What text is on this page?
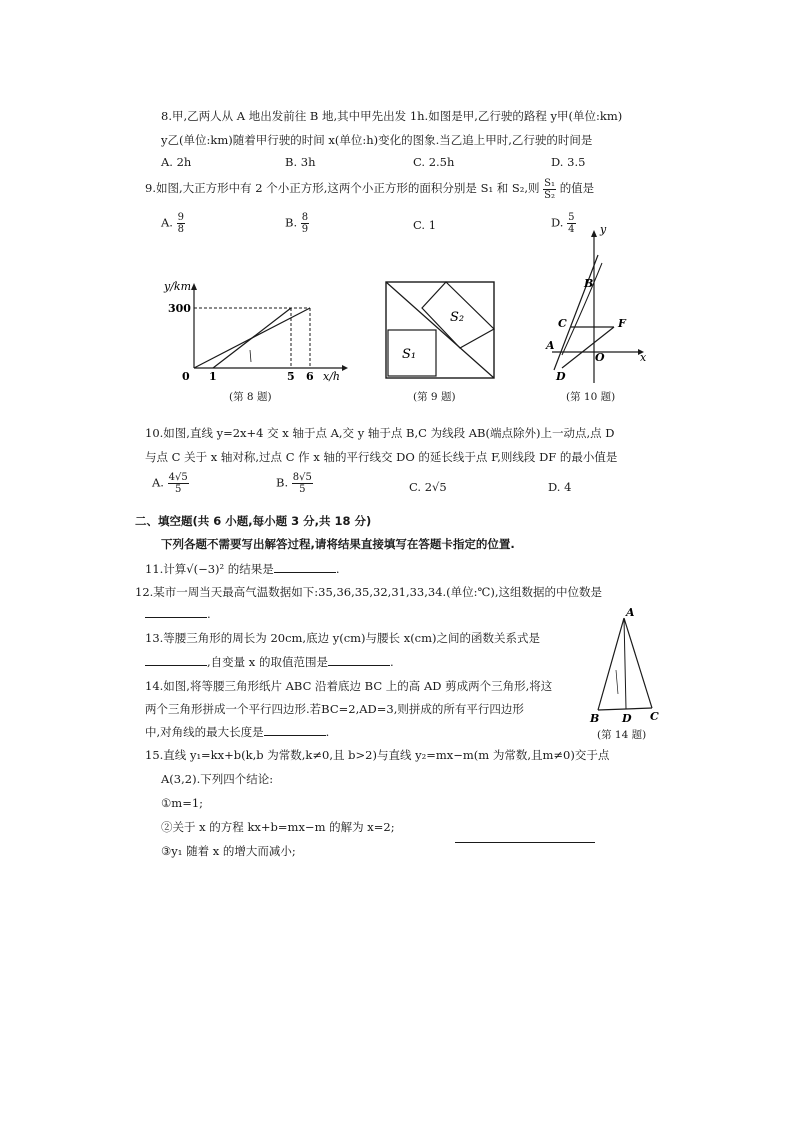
8.甲,乙两人从 A 地出发前往 B 地,其中甲先出发 1h.如图是甲,乙行驶的路程 y甲(单位:km)
y乙(单位:km)随着甲行驶的时间 x(单位:h)变化的图象.当乙追上甲时,乙行驶的时间是
A. 2h	B. 3h	C. 2.5h	D. 3.5
9.如图,大正方形中有 2 个小正方形,这两个小正方形的面积分别是 S₁ 和 S₂,则 $\frac{\text{S₁}}{\text{S₂}}$ 的值是
A. $\frac{9}{8}$	B. $\frac{8}{9}$	C. 1	D. $\frac{5}{4}$
y/km
300
0 1	5 6 x/h
(第 8 题)
S₂
S₁
(第 9 题)
y
x
B
C	F
A
O
D
(第 10 题)
10.如图,直线 y=2x+4 交 x 轴于点 A,交 y 轴于点 B,C 为线段 AB(端点除外)上一动点,点 D
与点 C 关于 x 轴对称,过点 C 作 x 轴的平行线交 DO 的延长线于点 F,则线段 DF 的最小值是
A. $\frac{4√5}{5}$	B. $\frac{8√5}{5}$	C. 2√5	D. 4
二、填空题(共 6 小题,每小题 3 分,共 18 分)
下列各题不需要写出解答过程,请将结果直接填写在答题卡指定的位置.
11.计算√(−3)² 的结果是	.
12.某市一周当天最高气温数据如下:35,36,35,32,31,33,34.(单位:℃),这组数据的中位数是
.
13.等腰三角形的周长为 20cm,底边 y(cm)与腰长 x(cm)之间的函数关系式是
,自变量 x 的取值范围是	.
14.如图,将等腰三角形纸片 ABC 沿着底边 BC 上的高 AD 剪成两个三角形,将这
两个三角形拼成一个平行四边形.若BC=2,AD=3,则拼成的所有平行四边形
中,对角线的最大长度是	.
A
B D C
(第 14 题)
15.直线 y₁=kx+b(k,b 为常数,k≠0,且 b>2)与直线 y₂=mx−m(m 为常数,且m≠0)交于点
A(3,2).下列四个结论:
①m=1;
②关于 x 的方程 kx+b=mx−m 的解为 x=2;
③y₁ 随着 x 的增大而减小;
